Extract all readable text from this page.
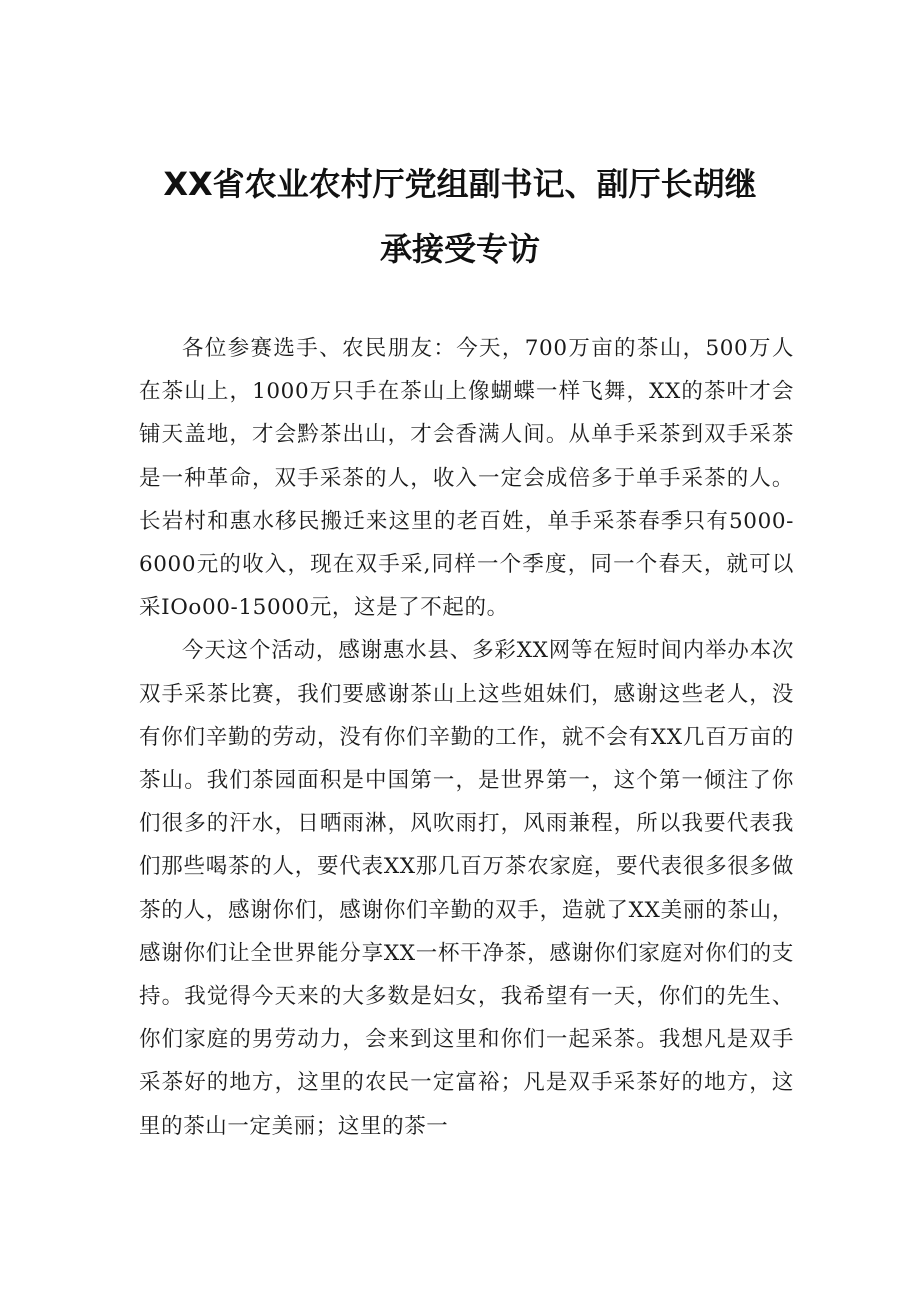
XX省农业农村厅党组副书记、副厅长胡继
承接受专访

各位参赛选手、农民朋友：今天，700万亩的茶山，500万人在茶山上，1000万只手在茶山上像蝴蝶一样飞舞，XX的茶叶才会铺天盖地，才会黔茶出山，才会香满人间。从单手采茶到双手采茶是一种革命，双手采茶的人，收入一定会成倍多于单手采茶的人。长岩村和惠水移民搬迁来这里的老百姓，单手采茶春季只有5000-6000元的收入，现在双手采,同样一个季度，同一个春天，就可以采IOo00-15000元，这是了不起的。

今天这个活动，感谢惠水县、多彩XX网等在短时间内举办本次双手采茶比赛，我们要感谢茶山上这些姐妹们，感谢这些老人，没有你们辛勤的劳动，没有你们辛勤的工作，就不会有XX几百万亩的茶山。我们茶园面积是中国第一，是世界第一，这个第一倾注了你们很多的汗水，日晒雨淋，风吹雨打，风雨兼程，所以我要代表我们那些喝茶的人，要代表XX那几百万茶农家庭，要代表很多很多做茶的人，感谢你们，感谢你们辛勤的双手，造就了XX美丽的茶山，感谢你们让全世界能分享XX一杯干净茶，感谢你们家庭对你们的支持。我觉得今天来的大多数是妇女，我希望有一天，你们的先生、你们家庭的男劳动力，会来到这里和你们一起采茶。我想凡是双手采茶好的地方，这里的农民一定富裕；凡是双手采茶好的地方，这里的茶山一定美丽；这里的茶一
